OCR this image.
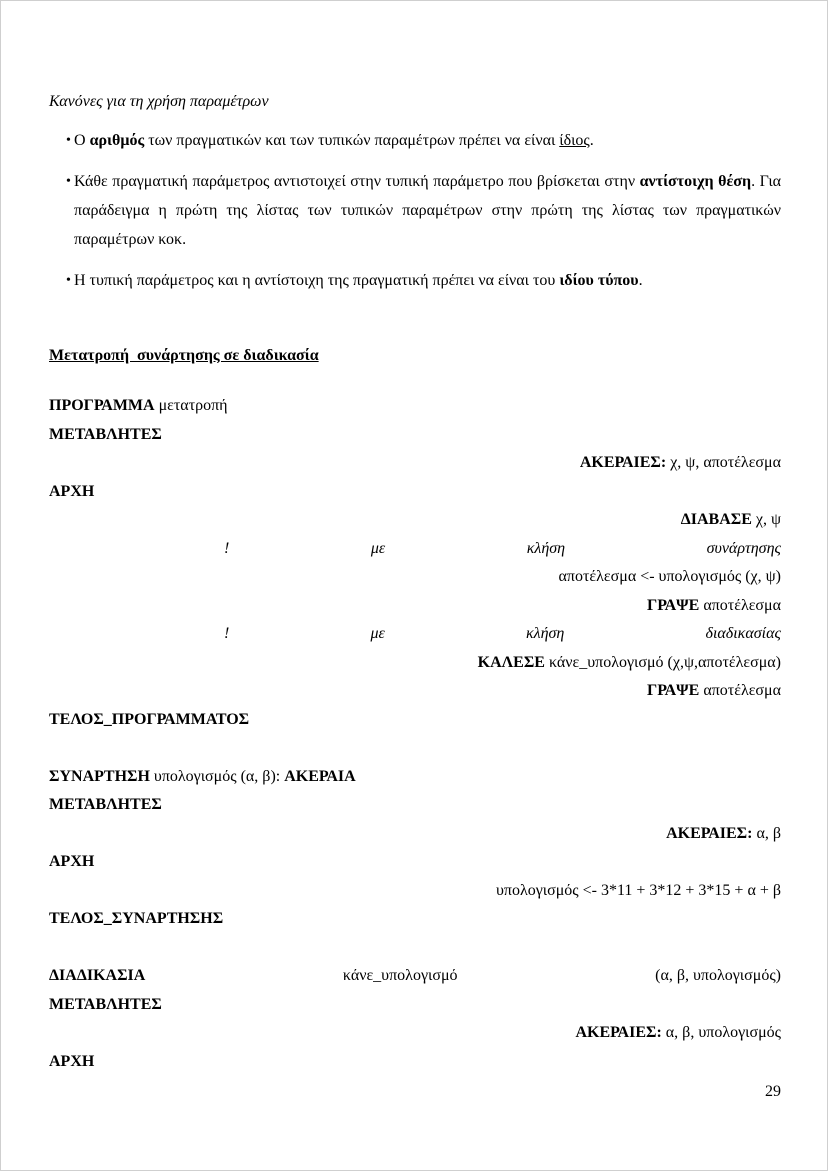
Κανόνες για τη χρήση παραμέτρων
• Ο αριθμός των πραγματικών και των τυπικών παραμέτρων πρέπει να είναι ίδιος.
• Κάθε πραγματική παράμετρος αντιστοιχεί στην τυπική παράμετρο που βρίσκεται στην αντίστοιχη θέση. Για παράδειγμα η πρώτη της λίστας των τυπικών παραμέτρων στην πρώτη της λίστας των πραγματικών παραμέτρων κοκ.
• Η τυπική παράμετρος και η αντίστοιχη της πραγματική πρέπει να είναι του ιδίου τύπου.
Μετατροπή  συνάρτησης σε διαδικασία
ΠΡΟΓΡΑΜΜΑ μετατροπή
ΜΕΤΑΒΛΗΤΕΣ
ΑΚΕΡΑΙΕΣ: χ, ψ, αποτέλεσμα
ΑΡΧΗ
ΔΙΑΒΑΣΕ χ, ψ
!	με	κλήση	συνάρτησης
αποτέλεσμα <- υπολογισμός (χ, ψ)
ΓΡΑΨΕ αποτέλεσμα
!	με	κλήση	διαδικασίας
ΚΑΛΕΣΕ κάνε_υπολογισμό (χ,ψ,αποτέλεσμα)
ΓΡΑΨΕ αποτέλεσμα
ΤΕΛΟΣ_ΠΡΟΓΡΑΜΜΑΤΟΣ
ΣΥΝΑΡΤΗΣΗ υπολογισμός (α, β): ΑΚΕΡΑΙΑ
ΜΕΤΑΒΛΗΤΕΣ
ΑΚΕΡΑΙΕΣ: α, β
ΑΡΧΗ
υπολογισμός <- 3*11 + 3*12 + 3*15 + α + β
ΤΕΛΟΣ_ΣΥΝΑΡΤΗΣΗΣ
ΔΙΑΔΙΚΑΣΙΑ	κάνε_υπολογισμό	(α, β, υπολογισμός)
ΜΕΤΑΒΛΗΤΕΣ
ΑΚΕΡΑΙΕΣ: α, β, υπολογισμός
ΑΡΧΗ
29
